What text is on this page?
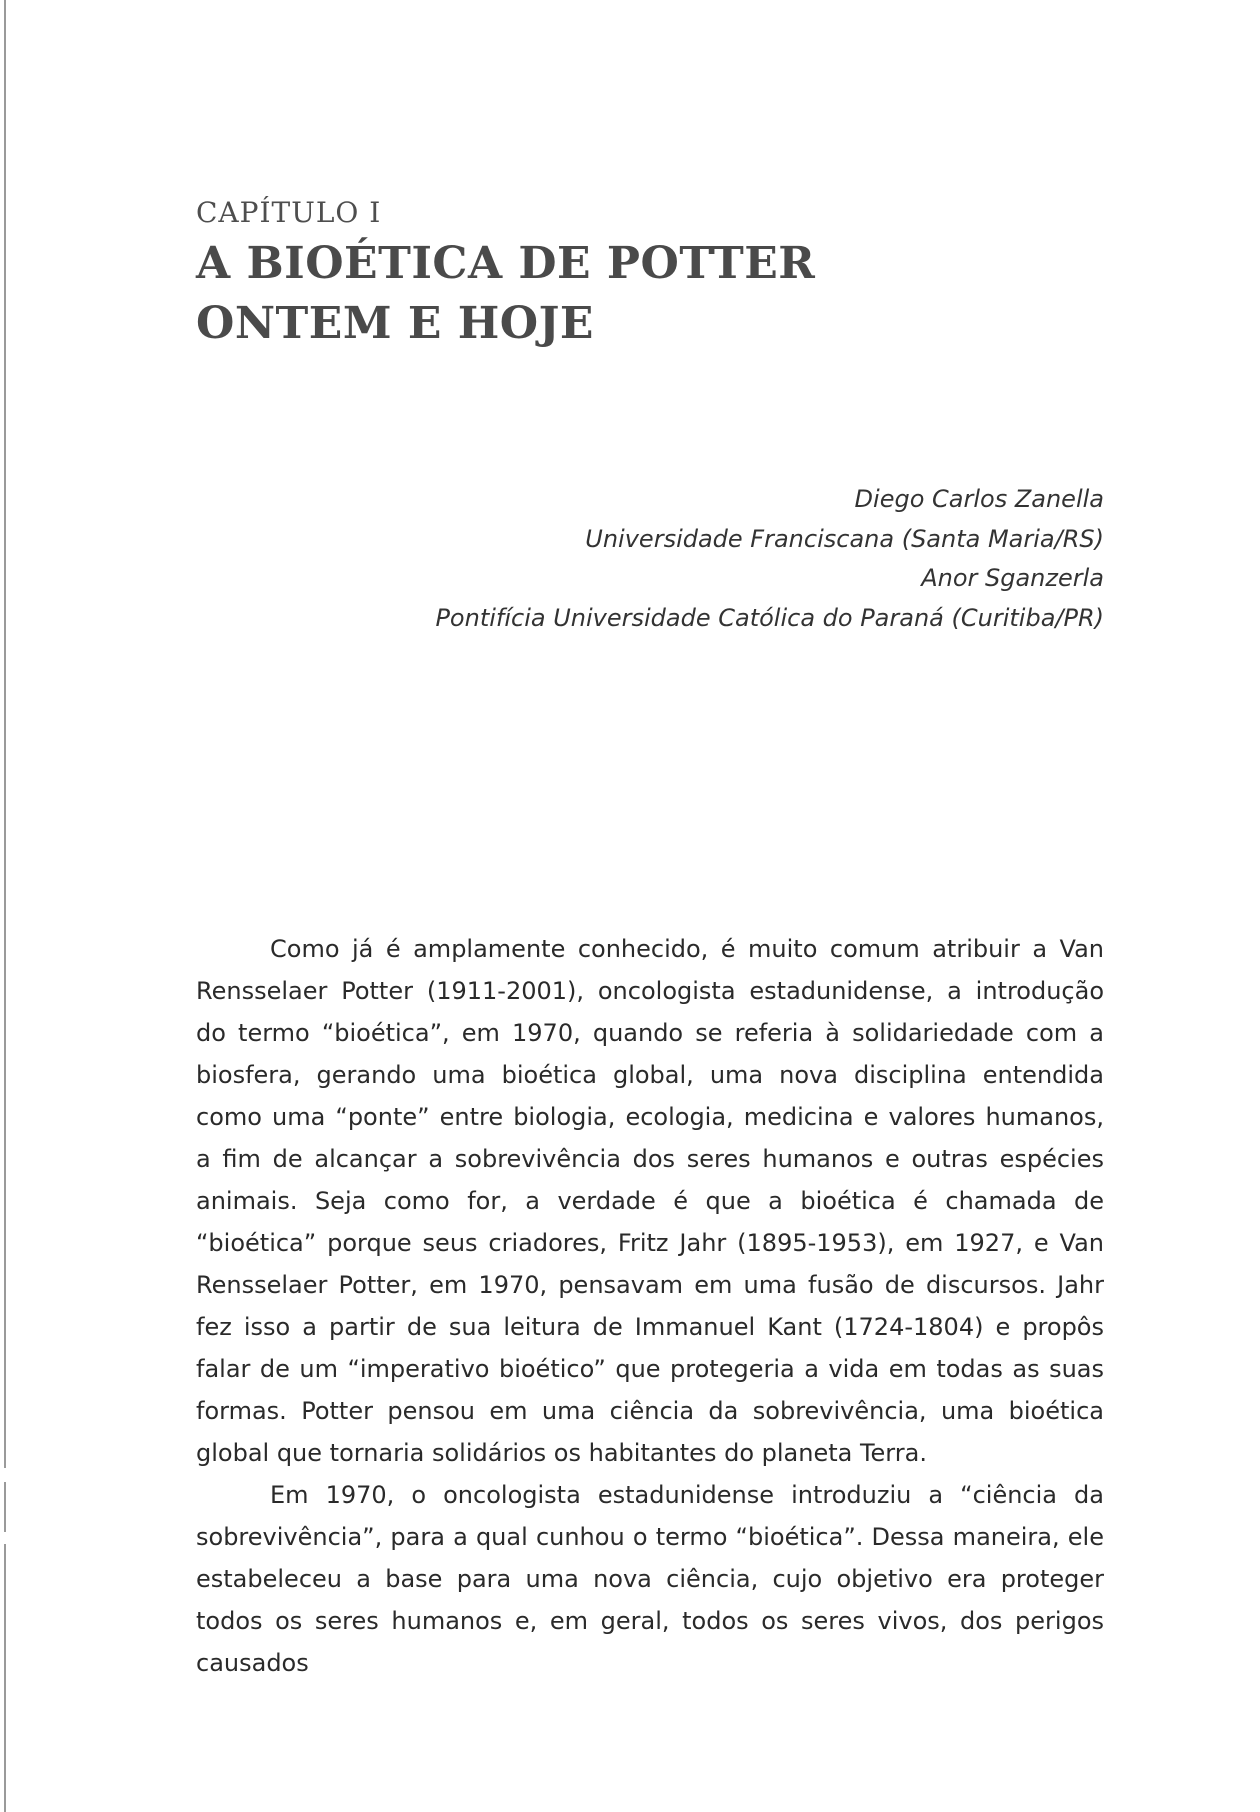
CAPÍTULO I
A BIOÉTICA DE POTTER
ONTEM E HOJE
Diego Carlos Zanella
Universidade Franciscana (Santa Maria/RS)
Anor Sganzerla
Pontifícia Universidade Católica do Paraná (Curitiba/PR)

Como já é amplamente conhecido, é muito comum atribuir a Van Rensselaer Potter (1911-2001), oncologista estadunidense, a introdução do termo “bioética”, em 1970, quando se referia à solidariedade com a biosfera, gerando uma bioética global, uma nova disciplina entendida como uma “ponte” entre biologia, ecologia, medicina e valores humanos, a fim de alcançar a sobrevivência dos seres humanos e outras espécies animais. Seja como for, a verdade é que a bioética é chamada de “bioética” porque seus criadores, Fritz Jahr (1895-1953), em 1927, e Van Rensselaer Potter, em 1970, pensavam em uma fusão de discursos. Jahr fez isso a partir de sua leitura de Immanuel Kant (1724-1804) e propôs falar de um “imperativo bioético” que protegeria a vida em todas as suas formas. Potter pensou em uma ciência da sobrevivência, uma bioética global que tornaria solidários os habitantes do planeta Terra.

Em 1970, o oncologista estadunidense introduziu a “ciência da sobrevivência”, para a qual cunhou o termo “bioética”. Dessa maneira, ele estabeleceu a base para uma nova ciência, cujo objetivo era proteger todos os seres humanos e, em geral, todos os seres vivos, dos perigos causados
